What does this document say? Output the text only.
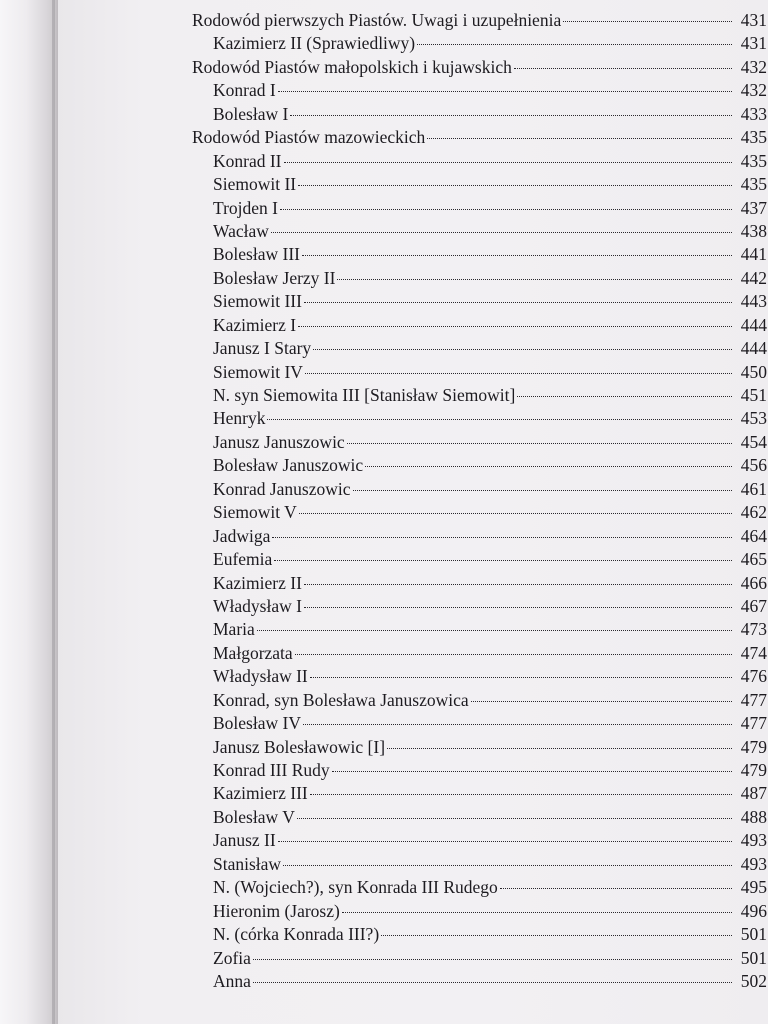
Rodowód pierwszych Piastów. Uwagi i uzupełnienia	431
Kazimierz II (Sprawiedliwy)	431
Rodowód Piastów małopolskich i kujawskich	432
Konrad I	432
Bolesław I	433
Rodowód Piastów mazowieckich	435
Konrad II	435
Siemowit II	435
Trojden I	437
Wacław	438
Bolesław III	441
Bolesław Jerzy II	442
Siemowit III	443
Kazimierz I	444
Janusz I Stary	444
Siemowit IV	450
N. syn Siemowita III [Stanisław Siemowit]	451
Henryk	453
Janusz Januszowic	454
Bolesław Januszowic	456
Konrad Januszowic	461
Siemowit V	462
Jadwiga	464
Eufemia	465
Kazimierz II	466
Władysław I	467
Maria	473
Małgorzata	474
Władysław II	476
Konrad, syn Bolesława Januszowica	477
Bolesław IV	477
Janusz Bolesławowic [I]	479
Konrad III Rudy	479
Kazimierz III	487
Bolesław V	488
Janusz II	493
Stanisław	493
N. (Wojciech?), syn Konrada III Rudego	495
Hieronim (Jarosz)	496
N. (córka Konrada III?)	501
Zofia	501
Anna	502
